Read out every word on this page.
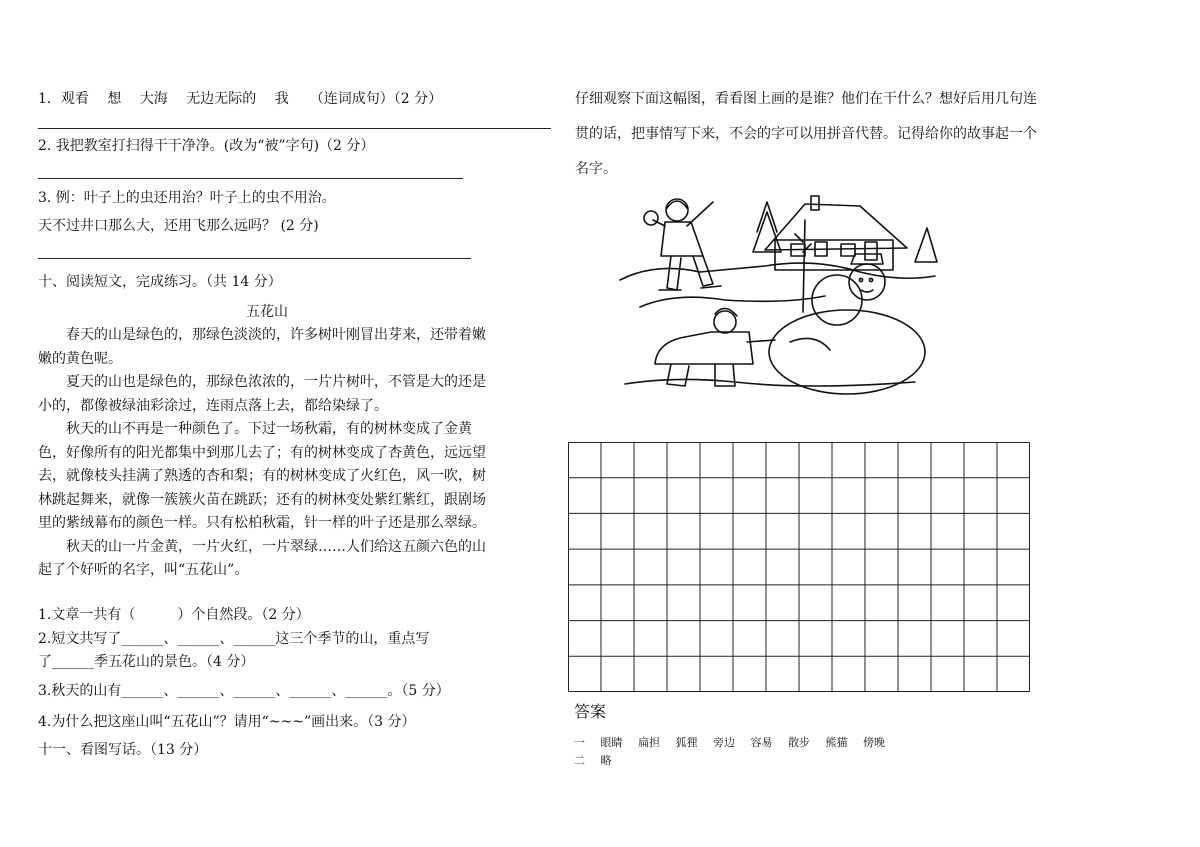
1．观看　 想　 大海　 无边无际的　 我　　（连词成句）（2 分）
2. 我把教室打扫得干干净净。(改为“被”字句)（2 分）
3. 例：叶子上的虫还用治？叶子上的虫不用治。
天不过井口那么大，还用飞那么远吗？ (2 分)
十、阅读短文，完成练习。（共 14 分）
五花山

春天的山是绿色的，那绿色淡淡的，许多树叶刚冒出芽来，还带着嫩嫩的黄色呢。

夏天的山也是绿色的，那绿色浓浓的，一片片树叶，不管是大的还是小的，都像被绿油彩涂过，连雨点落上去，都给染绿了。

秋天的山不再是一种颜色了。下过一场秋霜，有的树林变成了金黄色，好像所有的阳光都集中到那儿去了；有的树林变成了杏黄色，远远望去，就像枝头挂满了熟透的杏和梨；有的树林变成了火红色，风一吹，树林跳起舞来，就像一簇簇火苗在跳跃；还有的树林变处紫红紫红，跟剧场里的紫绒幕布的颜色一样。只有松柏秋霜，针一样的叶子还是那么翠绿。

秋天的山一片金黄，一片火红，一片翠绿……人们给这五颜六色的山起了个好听的名字，叫“五花山”。

1.文章一共有（　　　）个自然段。（2 分）
2.短文共写了______、______、______这三个季节的山，重点写
了______季五花山的景色。（4 分）
3.秋天的山有______、______、______、______、______。（5 分）
4.为什么把这座山叫“五花山”？请用“~~~”画出来。（3 分）
十一、看图写话。（13 分）
仔细观察下面这幅图，看看图上画的是谁？他们在干什么？想好后用几句连贯的话，把事情写下来，不会的字可以用拼音代替。记得给你的故事起一个名字。
答案
一 眼睛 扁担 狐狸 旁边 容易 散步 熊猫 傍晚
二 略
